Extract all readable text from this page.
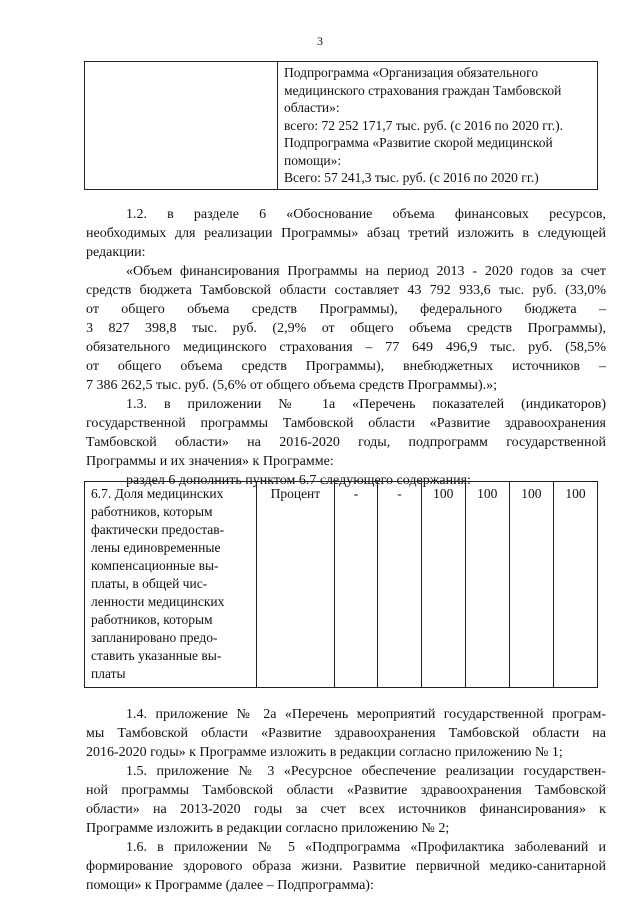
3

Подпрограмма «Организация обязательного
медицинского страхования граждан Тамбовской
области»:
всего: 72 252 171,7 тыс. руб. (с 2016 по 2020 гг.).
Подпрограмма «Развитие скорой медицинской
помощи»:
Всего: 57 241,3 тыс. руб. (с 2016 по 2020 гг.)
1.2. в разделе 6 «Обоснование объема финансовых ресурсов,
необходимых для реализации Программы» абзац третий изложить в следующей
редакции:
«Объем финансирования Программы на период 2013 - 2020 годов за счет
средств бюджета Тамбовской области составляет 43 792 933,6 тыс. руб. (33,0%
от общего объема средств Программы), федерального бюджета –
3 827 398,8 тыс. руб. (2,9% от общего объема средств Программы),
обязательного медицинского страхования – 77 649 496,9 тыс. руб. (58,5%
от общего объема средств Программы), внебюджетных источников –
7 386 262,5 тыс. руб. (5,6% от общего объема средств Программы).»;
1.3. в приложении № 1а «Перечень показателей (индикаторов)
государственной программы Тамбовской области «Развитие здравоохранения
Тамбовской области» на 2016-2020 годы, подпрограмм государственной
Программы и их значения» к Программе:
раздел 6 дополнить пунктом 6.7 следующего содержания:
6.7. Доля медицинских
работников, которым
фактически предостав-
лены единовременные
компенсационные вы-
платы, в общей чис-
ленности медицинских
работников, которым
запланировано предо-
ставить указанные вы-
платы
	Процент	-	-	100	100	100	100
1.4. приложение № 2а «Перечень мероприятий государственной програм-
мы Тамбовской области «Развитие здравоохранения Тамбовской области на
2016-2020 годы» к Программе изложить в редакции согласно приложению № 1;
1.5. приложение № 3 «Ресурсное обеспечение реализации государствен-
ной программы Тамбовской области «Развитие здравоохранения Тамбовской
области» на 2013-2020 годы за счет всех источников финансирования» к
Программе изложить в редакции согласно приложению № 2;
1.6. в приложении № 5 «Подпрограмма «Профилактика заболеваний и
формирование здорового образа жизни. Развитие первичной медико-санитарной
помощи» к Программе (далее – Подпрограмма):
